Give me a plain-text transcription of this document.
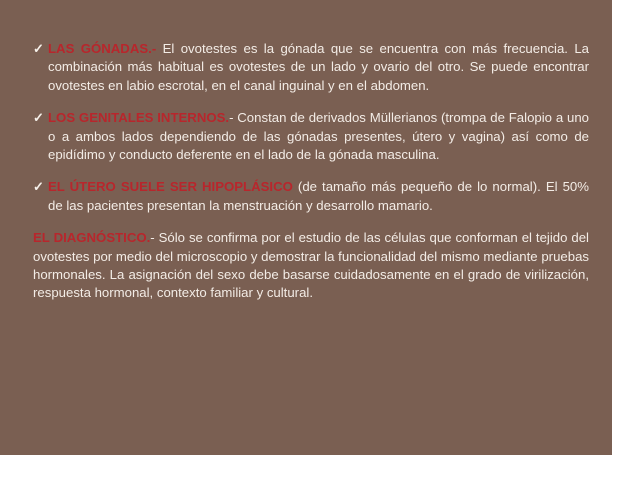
✓ LAS GÓNADAS.- El ovotestes es la gónada que se encuentra con más frecuencia. La combinación más habitual es ovotestes de un lado y ovario del otro. Se puede encontrar ovotestes en labio escrotal, en el canal inguinal y en el abdomen.
✓ LOS GENITALES INTERNOS.- Constan de derivados Müllerianos (trompa de Falopio a uno o a ambos lados dependiendo de las gónadas presentes, útero y vagina) así como de epidídimo y conducto deferente en el lado de la gónada masculina.
✓ EL ÚTERO SUELE SER HIPOPLÁSICO (de tamaño más pequeño de lo normal). El 50% de las pacientes presentan la menstruación y desarrollo mamario.
EL DIAGNÓSTICO.- Sólo se confirma por el estudio de las células que conforman el tejido del ovotestes por medio del microscopio y demostrar la funcionalidad del mismo mediante pruebas hormonales. La asignación del sexo debe basarse cuidadosamente en el grado de virilización, respuesta hormonal, contexto familiar y cultural.
